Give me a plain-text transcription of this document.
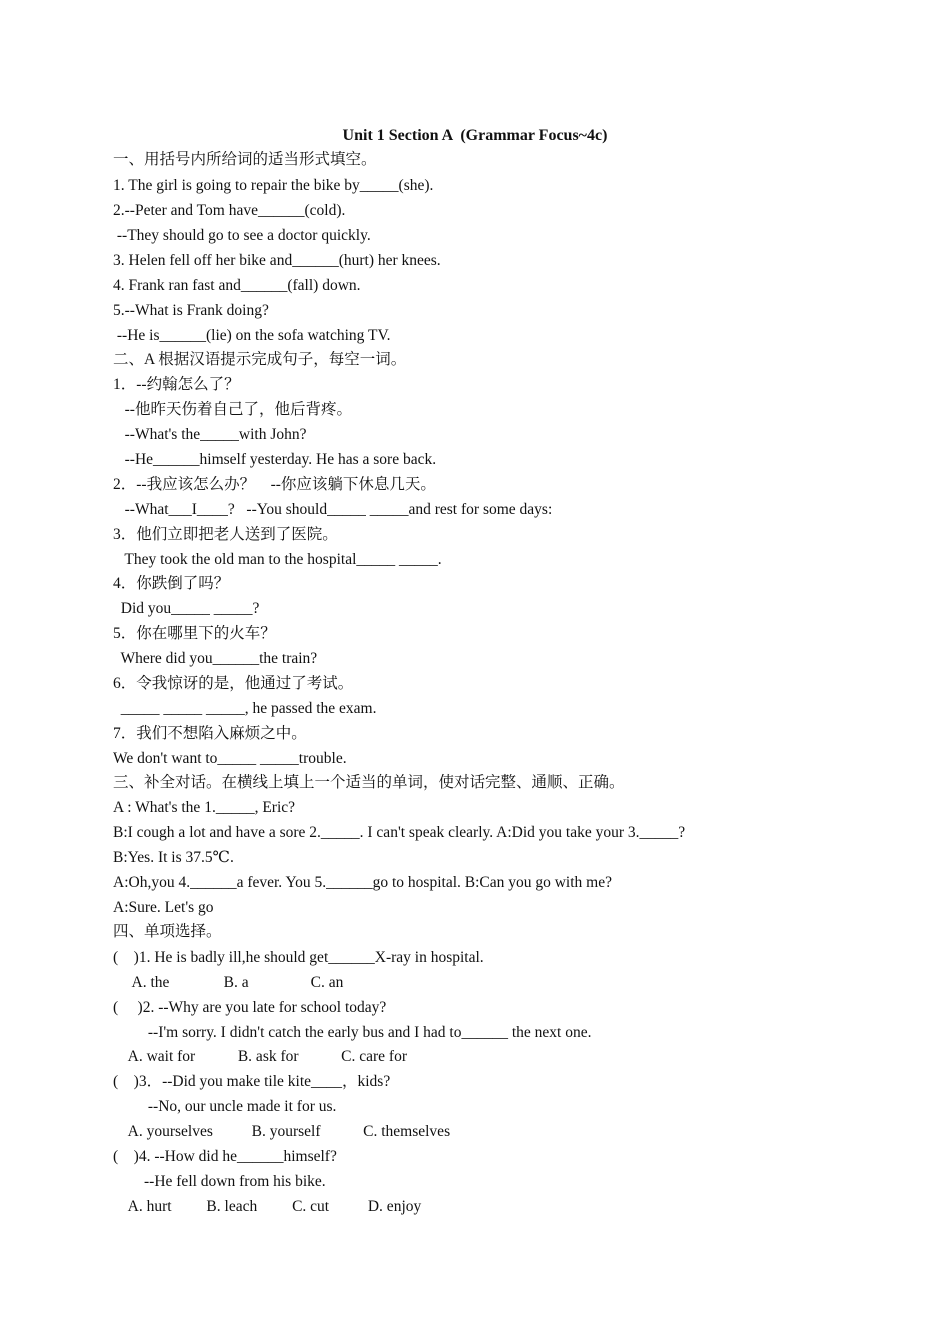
Unit 1 Section A  (Grammar Focus~4c)
一、用括号内所给词的适当形式填空。
1. The girl is going to repair the bike by_____(she).
2.--Peter and Tom have______(cold).
--They should go to see a doctor quickly.
3. Helen fell off her bike and______(hurt) her knees.
4. Frank ran fast and______(fall) down.
5.--What is Frank doing?
--He is______(lie) on the sofa watching TV.
二、A 根据汉语提示完成句子，每空一词。
1．--约翰怎么了？
--他昨天伤着自己了，他后背疼。
--What's the_____with John?
--He______himself yesterday. He has a sore back.
2．--我应该怎么办？    --你应该躺下休息几天。
--What___I____?   --You should_____ _____and rest for some days:
3．他们立即把老人送到了医院。
They took the old man to the hospital_____ _____.
4．你跌倒了吗？
Did you_____ _____?
5．你在哪里下的火车？
Where did you______the train?
6．令我惊讶的是，他通过了考试。
_____ _____ _____, he passed the exam.
7．我们不想陷入麻烦之中。
We don't want to_____ _____trouble.
三、补全对话。在横线上填上一个适当的单词，使对话完整、通顺、正确。
A : What's the 1._____, Eric?
B:I cough a lot and have a sore 2._____. I can't speak clearly. A:Did you take your 3._____?
B:Yes. It is 37.5℃.
A:Oh,you 4.______a fever. You 5.______go to hospital. B:Can you go with me?
A:Sure. Let's go
四、单项选择。
(    )1. He is badly ill,he should get______X-ray in hospital.
A. the              B. a                C. an
(     )2. --Why are you late for school today?
--I'm sorry. I didn't catch the early bus and I had to______ the next one.
A. wait for           B. ask for           C. care for
(    )3．--Did you make tile kite____，kids?
--No, our uncle made it for us.
A. yourselves          B. yourself           C. themselves
(    )4. --How did he______himself?
--He fell down from his bike.
A. hurt         B. leach         C. cut          D. enjoy
